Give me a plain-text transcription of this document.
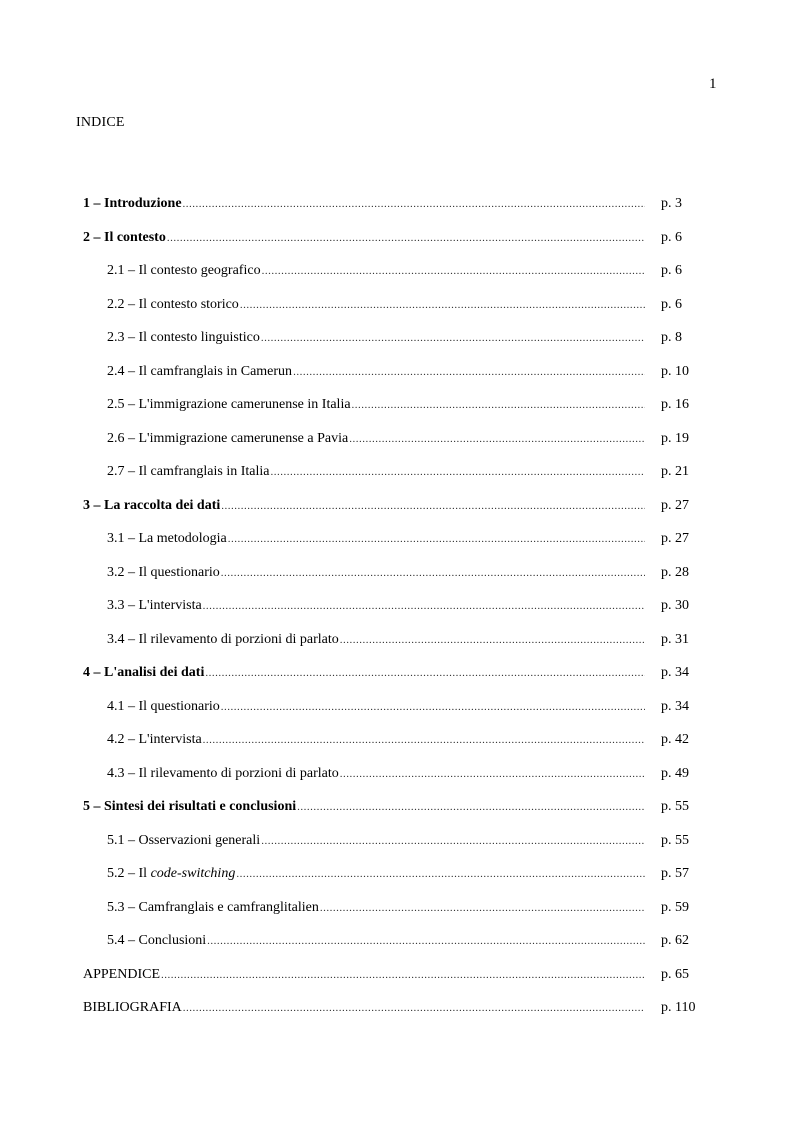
1
INDICE
1 – Introduzione .....	p. 3
2 – Il contesto .....	p. 6
2.1 – Il contesto geografico .....	p. 6
2.2 – Il contesto storico .....	p. 6
2.3 – Il contesto linguistico .....	p. 8
2.4 – Il camfranglais in Camerun .....	p. 10
2.5 – L'immigrazione camerunense in Italia .....	p. 16
2.6 – L'immigrazione camerunense a Pavia .....	p. 19
2.7 – Il camfranglais in Italia .....	p. 21
3 – La raccolta dei dati .....	p. 27
3.1 – La metodologia .....	p. 27
3.2 – Il questionario .....	p. 28
3.3 – L'intervista .....	p. 30
3.4 – Il rilevamento di porzioni di parlato .....	p. 31
4 – L'analisi dei dati .....	p. 34
4.1 – Il questionario .....	p. 34
4.2 – L'intervista .....	p. 42
4.3 – Il rilevamento di porzioni di parlato .....	p. 49
5 – Sintesi dei risultati e conclusioni .....	p. 55
5.1 – Osservazioni generali .....	p. 55
5.2 – Il code-switching .....	p. 57
5.3 – Camfranglais e camfranglitalien .....	p. 59
5.4 – Conclusioni .....	p. 62
APPENDICE .....	p. 65
BIBLIOGRAFIA .....	p. 110
